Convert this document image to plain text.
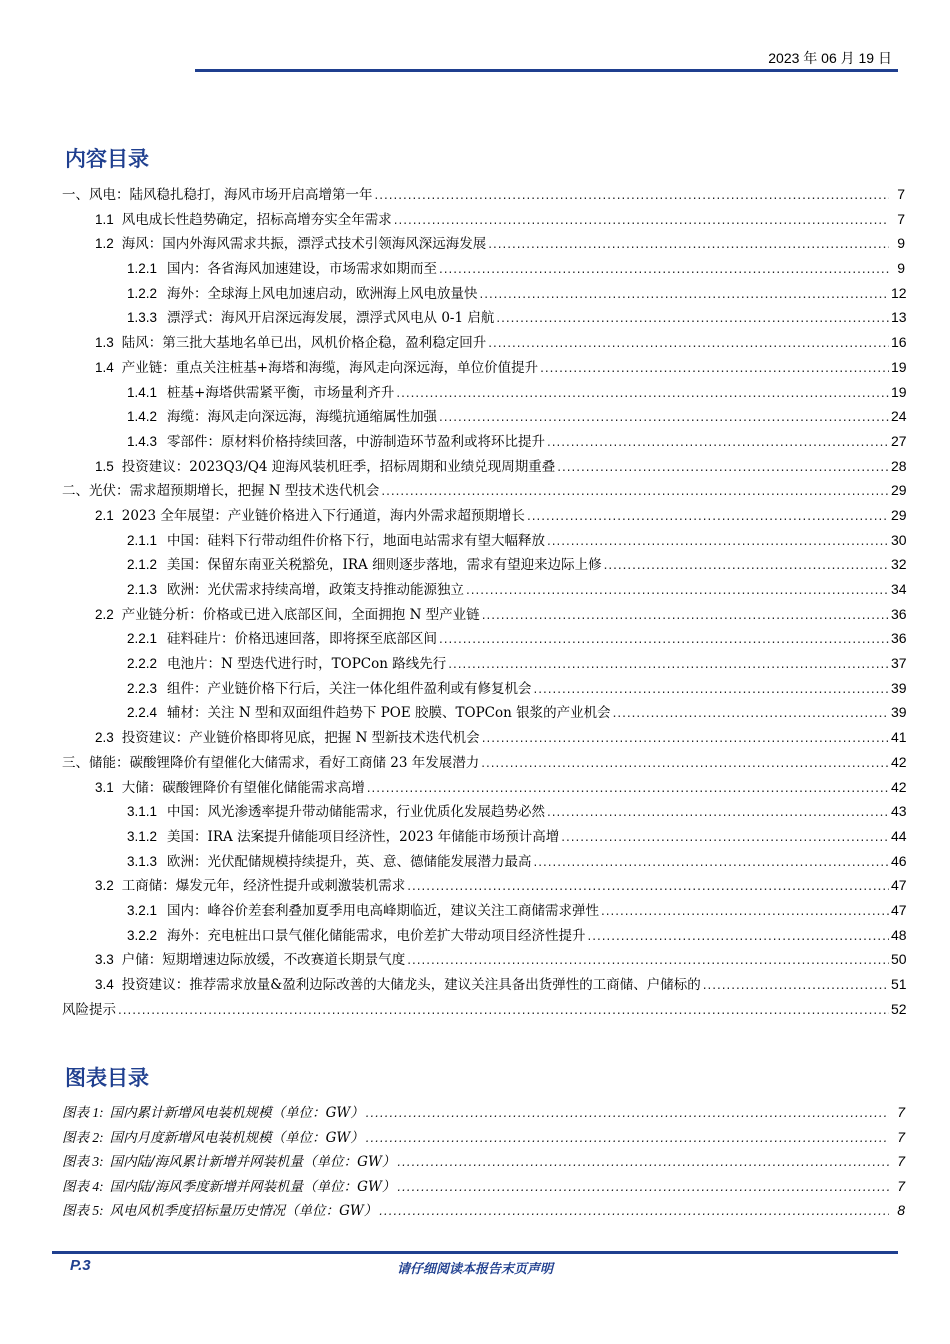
2023 年 06 月 19 日
内容目录
一、 风电：陆风稳扎稳打，海风市场开启高增第一年 .....	7
1.1 风电成长性趋势确定，招标高增夯实全年需求 .....	7
1.2 海风：国内外海风需求共振，漂浮式技术引领海风深远海发展 .....	9
1.2.1 国内：各省海风加速建设，市场需求如期而至 .....	9
1.2.2 海外：全球海上风电加速启动，欧洲海上风电放量快 .....	12
1.3.3 漂浮式：海风开启深远海发展，漂浮式风电从 0-1 启航 .....	13
1.3 陆风：第三批大基地名单已出，风机价格企稳，盈利稳定回升 .....	16
1.4 产业链：重点关注桩基+海塔和海缆，海风走向深远海，单位价值提升 .....	19
1.4.1 桩基+海塔供需紧平衡，市场量利齐升 .....	19
1.4.2 海缆：海风走向深远海，海缆抗通缩属性加强 .....	24
1.4.3 零部件：原材料价格持续回落，中游制造环节盈利或将环比提升 .....	27
1.5 投资建议：2023Q3/Q4 迎海风装机旺季，招标周期和业绩兑现周期重叠 .....	28
二、 光伏：需求超预期增长，把握 N 型技术迭代机会 .....	29
2.1 2023 全年展望：产业链价格进入下行通道，海内外需求超预期增长 .....	29
2.1.1 中国：硅料下行带动组件价格下行，地面电站需求有望大幅释放 .....	30
2.1.2 美国：保留东南亚关税豁免，IRA 细则逐步落地，需求有望迎来边际上修 .....	32
2.1.3 欧洲：光伏需求持续高增，政策支持推动能源独立 .....	34
2.2 产业链分析：价格或已进入底部区间，全面拥抱 N 型产业链 .....	36
2.2.1 硅料硅片：价格迅速回落，即将探至底部区间 .....	36
2.2.2 电池片：N 型迭代进行时，TOPCon 路线先行 .....	37
2.2.3 组件：产业链价格下行后，关注一体化组件盈利或有修复机会 .....	39
2.2.4 辅材：关注 N 型和双面组件趋势下 POE 胶膜、TOPCon 银浆的产业机会 .....	39
2.3 投资建议：产业链价格即将见底，把握 N 型新技术迭代机会 .....	41
三、 储能：碳酸锂降价有望催化大储需求，看好工商储 23 年发展潜力 .....	42
3.1 大储：碳酸锂降价有望催化储能需求高增 .....	42
3.1.1 中国：风光渗透率提升带动储能需求，行业优质化发展趋势必然 .....	43
3.1.2 美国：IRA 法案提升储能项目经济性，2023 年储能市场预计高增 .....	44
3.1.3 欧洲：光伏配储规模持续提升，英、意、德储能发展潜力最高 .....	46
3.2 工商储：爆发元年，经济性提升或刺激装机需求 .....	47
3.2.1 国内：峰谷价差套利叠加夏季用电高峰期临近，建议关注工商储需求弹性 .....	47
3.2.2 海外：充电桩出口景气催化储能需求，电价差扩大带动项目经济性提升 .....	48
3.3 户储：短期增速边际放缓，不改赛道长期景气度 .....	50
3.4 投资建议：推荐需求放量&盈利边际改善的大储龙头，建议关注具备出货弹性的工商储、户储标的 .....	51
风险提示 .....	52
图表目录
图表 1: 国内累计新增风电装机规模（单位：GW） .....	7
图表 2: 国内月度新增风电装机规模（单位：GW） .....	7
图表 3: 国内陆/海风累计新增并网装机量（单位：GW） .....	7
图表 4: 国内陆/海风季度新增并网装机量（单位：GW） .....	7
图表 5: 风电风机季度招标量历史情况（单位：GW） .....	8
P.3	请仔细阅读本报告末页声明
